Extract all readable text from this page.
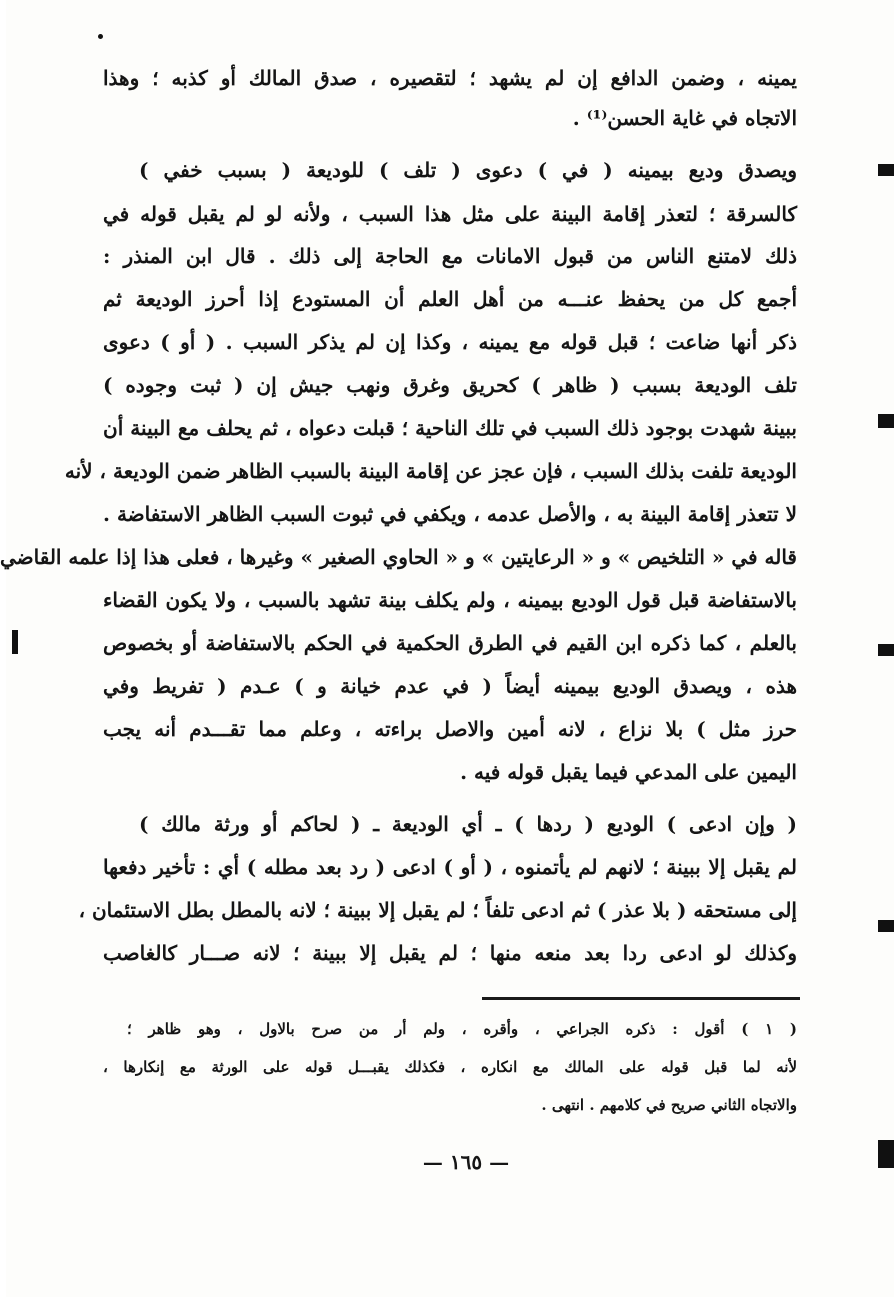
يمينه ، وضمن الدافع إن لم يشهد ؛ لتقصيره ، صدق المالك أو كذبه ؛ وهذا
الاتجاه في غاية الحسن⁽¹⁾ .
ويصدق وديع بيمينه ( في ) دعوى ( تلف ) للوديعة ( بسبب خفي )
كالسرقة ؛ لتعذر إقامة البينة على مثل هذا السبب ، ولأنه لو لم يقبل قوله في
ذلك لامتنع الناس من قبول الامانات مع الحاجة إلى ذلك . قال ابن المنذر :
أجمع كل من يحفظ عنـــه من أهل العلم أن المستودع إذا أحرز الوديعة ثم
ذكر أنها ضاعت ؛ قبل قوله مع يمينه ، وكذا إن لم يذكر السبب . ( أو ) دعوى
تلف الوديعة بسبب ( ظاهر ) كحريق وغرق ونهب جيش إن ( ثبت وجوده )
ببينة شهدت بوجود ذلك السبب في تلك الناحية ؛ قبلت دعواه ، ثم يحلف مع البينة أن
الوديعة تلفت بذلك السبب ، فإن عجز عن إقامة البينة بالسبب الظاهر ضمن الوديعة ، لأنه
لا تتعذر إقامة البينة به ، والأصل عدمه ، ويكفي في ثبوت السبب الظاهر الاستفاضة .
قاله في « التلخيص » و « الرعايتين » و « الحاوي الصغير » وغيرها ، فعلى هذا إذا علمه القاضي
بالاستفاضة قبل قول الوديع بيمينه ، ولم يكلف بينة تشهد بالسبب ، ولا يكون القضاء
بالعلم ، كما ذكره ابن القيم في الطرق الحكمية في الحكم بالاستفاضة أو بخصوص
هذه ، ويصدق الوديع بيمينه أيضاً ( في عدم خيانة و ) عـدم ( تفريط وفي
حرز مثل ) بلا نزاع ، لانه أمين والاصل براءته ، وعلم مما تقـــدم أنه يجب
اليمين على المدعي فيما يقبل قوله فيه .
( وإن ادعى ) الوديع ( ردها ) ـ أي الوديعة ـ ( لحاكم أو ورثة مالك )
لم يقبل إلا ببينة ؛ لانهم لم يأتمنوه ، ( أو ) ادعى ( رد بعد مطله ) أي : تأخير دفعها
إلى مستحقه ( بلا عذر ) ثم ادعى تلفاً ؛ لم يقبل إلا ببينة ؛ لانه بالمطل بطل الاستئمان ،
وكذلك لو ادعى ردا بعد منعه منها ؛ لم يقبل إلا ببينة ؛ لانه صـــار كالغاصب
( ١ ) أقول : ذكره الجراعي ، وأقره ، ولم أر من صرح بالاول ، وهو ظاهر ؛
لأنه لما قبل قوله على المالك مع انكاره ، فكذلك يقبـــل قوله على الورثة مع إنكارها ،
والاتجاه الثاني صريح في كلامهم . انتهى .
— ١٦٥ —
